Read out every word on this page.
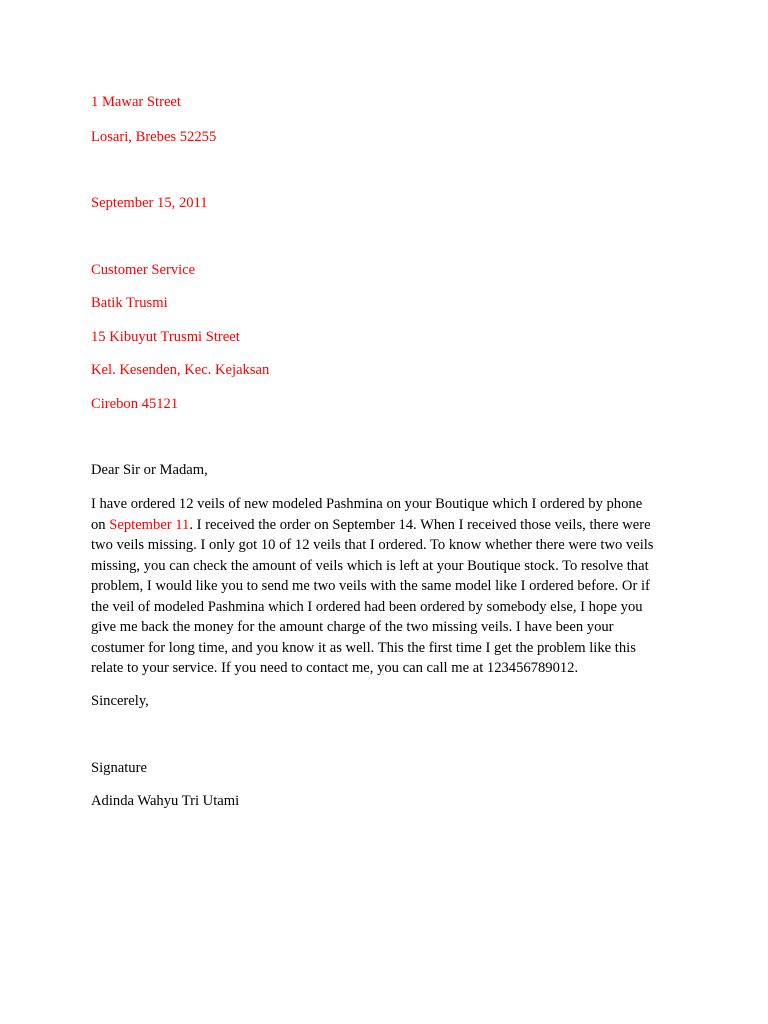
1 Mawar Street
Losari, Brebes 52255
September 15, 2011
Customer Service
Batik Trusmi
15 Kibuyut Trusmi Street
Kel. Kesenden, Kec. Kejaksan
Cirebon 45121
Dear Sir or Madam,
I have ordered 12 veils of new modeled Pashmina on your Boutique which I ordered by phone
on September 11. I received the order on September 14. When I received those veils, there were
two veils missing. I only got 10 of 12 veils that I ordered. To know whether there were two veils
missing, you can check the amount of veils which is left at your Boutique stock. To resolve that
problem, I would like you to send me two veils with the same model like I ordered before. Or if
the veil of modeled Pashmina which I ordered had been ordered by somebody else, I hope you
give me back the money for the amount charge of the two missing veils. I have been your
costumer for long time, and you know it as well. This the first time I get the problem like this
relate to your service. If you need to contact me, you can call me at 123456789012.
Sincerely,
Signature
Adinda Wahyu Tri Utami
